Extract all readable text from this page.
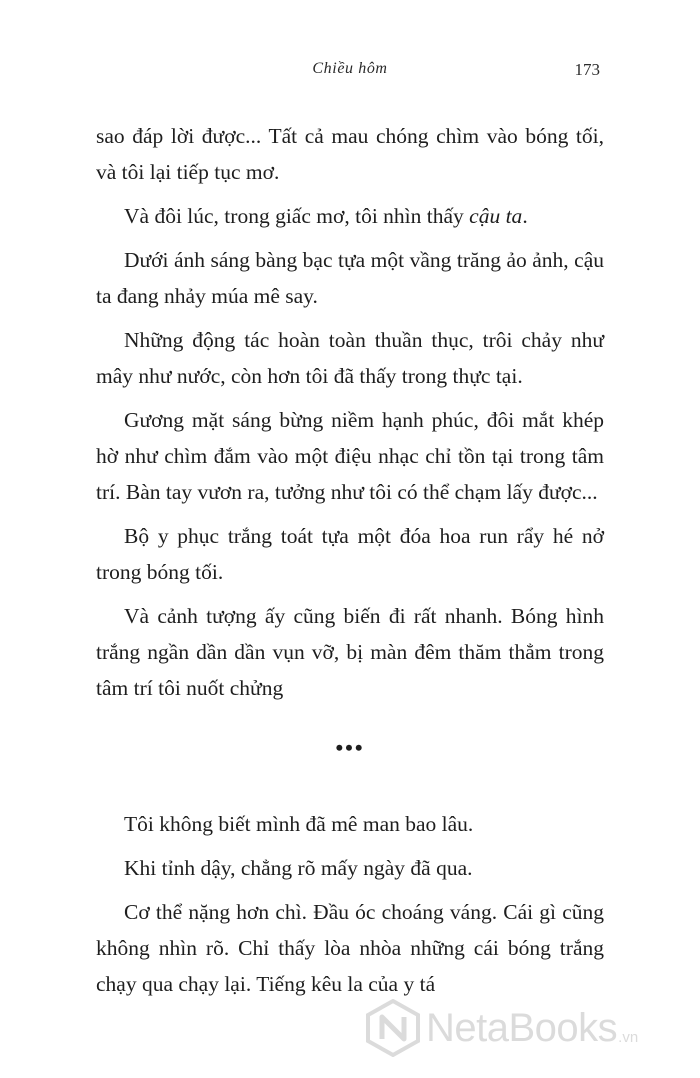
Chiều hôm	173

sao đáp lời được... Tất cả mau chóng chìm vào bóng tối, và tôi lại tiếp tục mơ.

Và đôi lúc, trong giấc mơ, tôi nhìn thấy cậu ta.

Dưới ánh sáng bàng bạc tựa một vầng trăng ảo ảnh, cậu ta đang nhảy múa mê say.

Những động tác hoàn toàn thuần thục, trôi chảy như mây như nước, còn hơn tôi đã thấy trong thực tại.

Gương mặt sáng bừng niềm hạnh phúc, đôi mắt khép hờ như chìm đắm vào một điệu nhạc chỉ tồn tại trong tâm trí. Bàn tay vươn ra, tưởng như tôi có thể chạm lấy được...

Bộ y phục trắng toát tựa một đóa hoa run rẩy hé nở trong bóng tối.

Và cảnh tượng ấy cũng biến đi rất nhanh. Bóng hình trắng ngần dần dần vụn vỡ, bị màn đêm thăm thẳm trong tâm trí tôi nuốt chửng

•••

Tôi không biết mình đã mê man bao lâu.

Khi tỉnh dậy, chẳng rõ mấy ngày đã qua.

Cơ thể nặng hơn chì. Đầu óc choáng váng. Cái gì cũng không nhìn rõ. Chỉ thấy lòa nhòa những cái bóng trắng chạy qua chạy lại. Tiếng kêu la của y tá

NetaBooks .vn
